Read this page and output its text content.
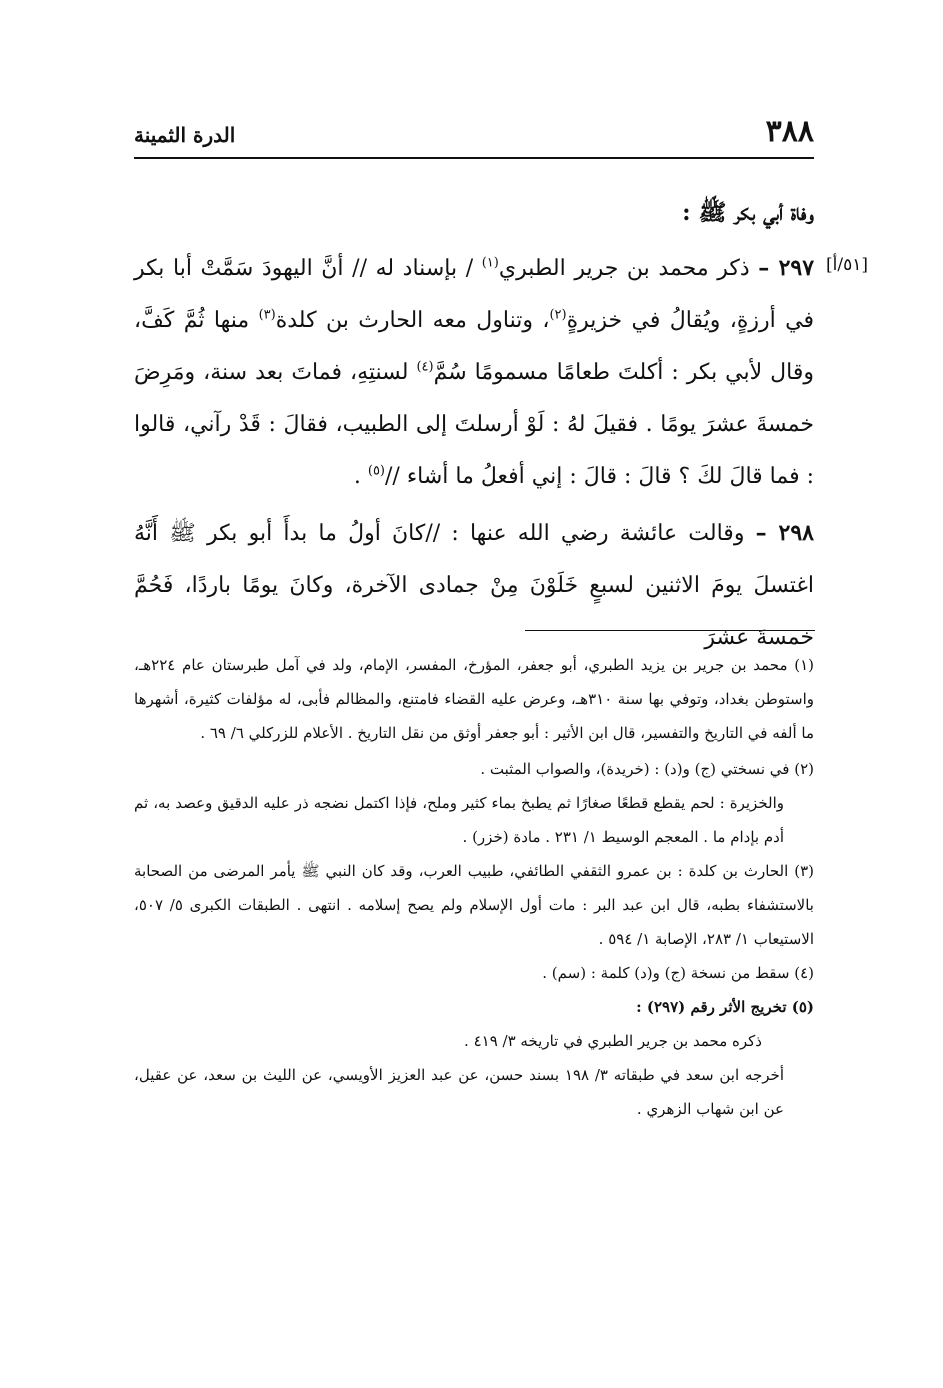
٣٨٨
الدرة الثمينة
[٥١/أ]
وفاة أبي بكر ﷺ :

٢٩٧ – ذكر محمد بن جرير الطبري$^{(١)}$ / بإسناد له // أنَّ اليهودَ سَمَّتْ أبا بكر في أرزةٍ، ويُقالُ في خزيرةٍ$^{(٢)}$، وتناول معه الحارث بن كلدة$^{(٣)}$ منها ثُمَّ كَفَّ، وقال لأبي بكر : أكلتَ طعامًا مسمومًا سُمَّ$^{(٤)}$ لسنتِهِ، فماتَ بعد سنة، ومَرِضَ خمسةَ عشرَ يومًا . فقيلَ لهُ : لَوْ أرسلتَ إلى الطبيب، فقالَ : قَدْ رآني، قالوا : فما قالَ لكَ ؟ قالَ : قالَ : إني أفعلُ ما أشاء //$^{(٥)}$ .

٢٩٨ – وقالت عائشة رضي الله عنها : //كانَ أولُ ما بدأَ أبو بكر ﷺ أَنَّهُ اغتسلَ يومَ الاثنين لسبعٍ خَلَوْنَ مِنْ جمادى الآخرة، وكانَ يومًا باردًا، فَحُمَّ خمسةَ عشرَ

(١) محمد بن جرير بن يزيد الطبري، أبو جعفر، المؤرخ، المفسر، الإمام، ولد في آمل طبرستان عام ٢٢٤هـ، واستوطن بغداد، وتوفي بها سنة ٣١٠هـ، وعرض عليه القضاء فامتنع، والمظالم فأبى، له مؤلفات كثيرة، أشهرها ما ألفه في التاريخ والتفسير، قال ابن الأثير : أبو جعفر أوثق من نقل التاريخ . الأعلام للزركلي ٦/ ٦٩ .

(٢) في نسختي (ج) و(د) : (خريدة)، والصواب المثبت .

والخزيرة : لحم يقطع قطعًا صغارًا ثم يطبخ بماء كثير وملح، فإذا اكتمل نضجه ذر عليه الدقيق وعصد به، ثم أدم بإدام ما . المعجم الوسيط ١/ ٢٣١ . مادة (خزر) .

(٣) الحارث بن كلدة : بن عمرو الثقفي الطائفي، طبيب العرب، وقد كان النبي ﷺ يأمر المرضى من الصحابة بالاستشفاء بطبه، قال ابن عبد البر : مات أول الإسلام ولم يصح إسلامه . انتهى . الطبقات الكبرى ٥/ ٥٠٧، الاستيعاب ١/ ٢٨٣، الإصابة ١/ ٥٩٤ .

(٤) سقط من نسخة (ج) و(د) كلمة : (سم) .

(٥) تخريج الأثر رقم (٢٩٧) :

ذكره محمد بن جرير الطبري في تاريخه ٣/ ٤١٩ .

أخرجه ابن سعد في طبقاته ٣/ ١٩٨ بسند حسن، عن عبد العزيز الأويسي، عن الليث بن سعد، عن عقيل، عن ابن شهاب الزهري .
